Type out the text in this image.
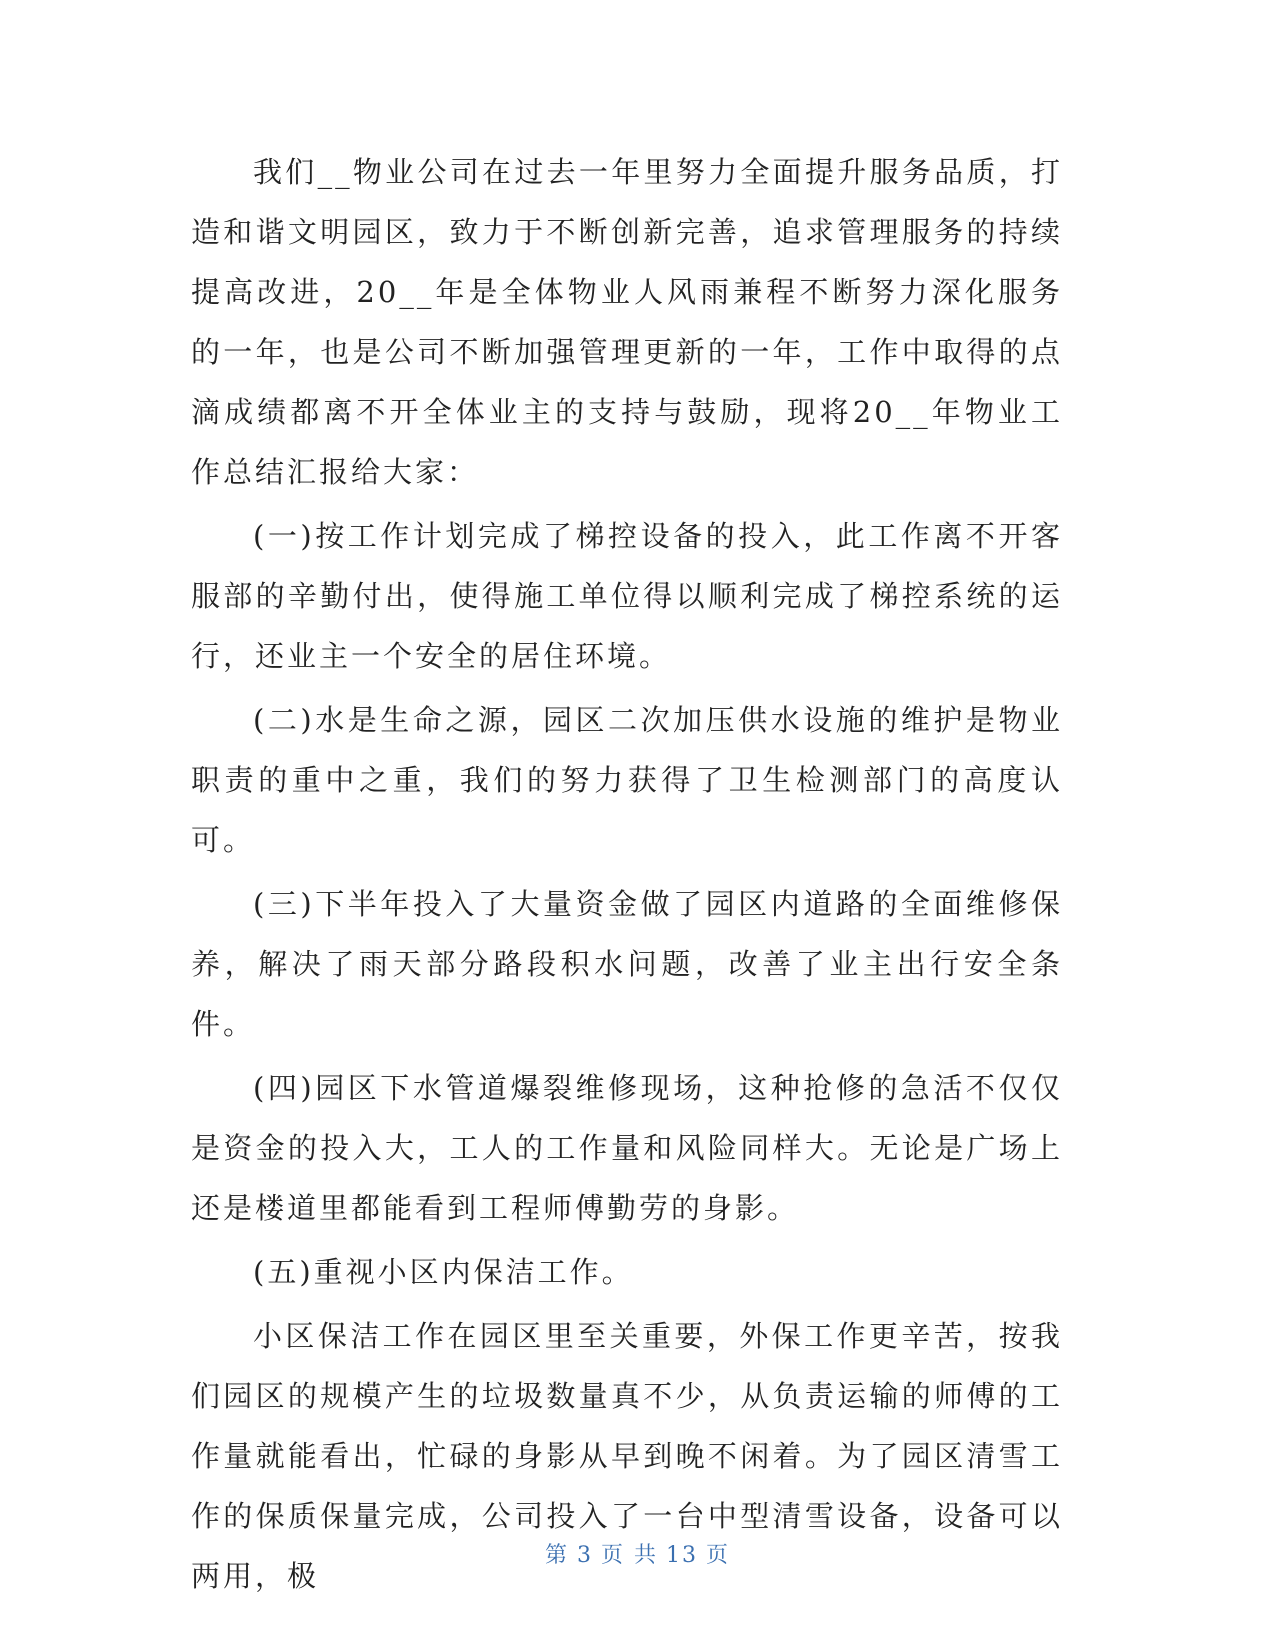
我们__物业公司在过去一年里努力全面提升服务品质，打造和谐文明园区，致力于不断创新完善，追求管理服务的持续提高改进，20__年是全体物业人风雨兼程不断努力深化服务的一年，也是公司不断加强管理更新的一年，工作中取得的点滴成绩都离不开全体业主的支持与鼓励，现将20__年物业工作总结汇报给大家：

(一)按工作计划完成了梯控设备的投入，此工作离不开客服部的辛勤付出，使得施工单位得以顺利完成了梯控系统的运行，还业主一个安全的居住环境。

(二)水是生命之源，园区二次加压供水设施的维护是物业职责的重中之重，我们的努力获得了卫生检测部门的高度认可。

(三)下半年投入了大量资金做了园区内道路的全面维修保养，解决了雨天部分路段积水问题，改善了业主出行安全条件。

(四)园区下水管道爆裂维修现场，这种抢修的急活不仅仅是资金的投入大，工人的工作量和风险同样大。无论是广场上还是楼道里都能看到工程师傅勤劳的身影。

(五)重视小区内保洁工作。

小区保洁工作在园区里至关重要，外保工作更辛苦，按我们园区的规模产生的垃圾数量真不少，从负责运输的师傅的工作量就能看出，忙碌的身影从早到晚不闲着。为了园区清雪工作的保质保量完成，公司投入了一台中型清雪设备，设备可以两用，极

第 3 页 共 13 页
